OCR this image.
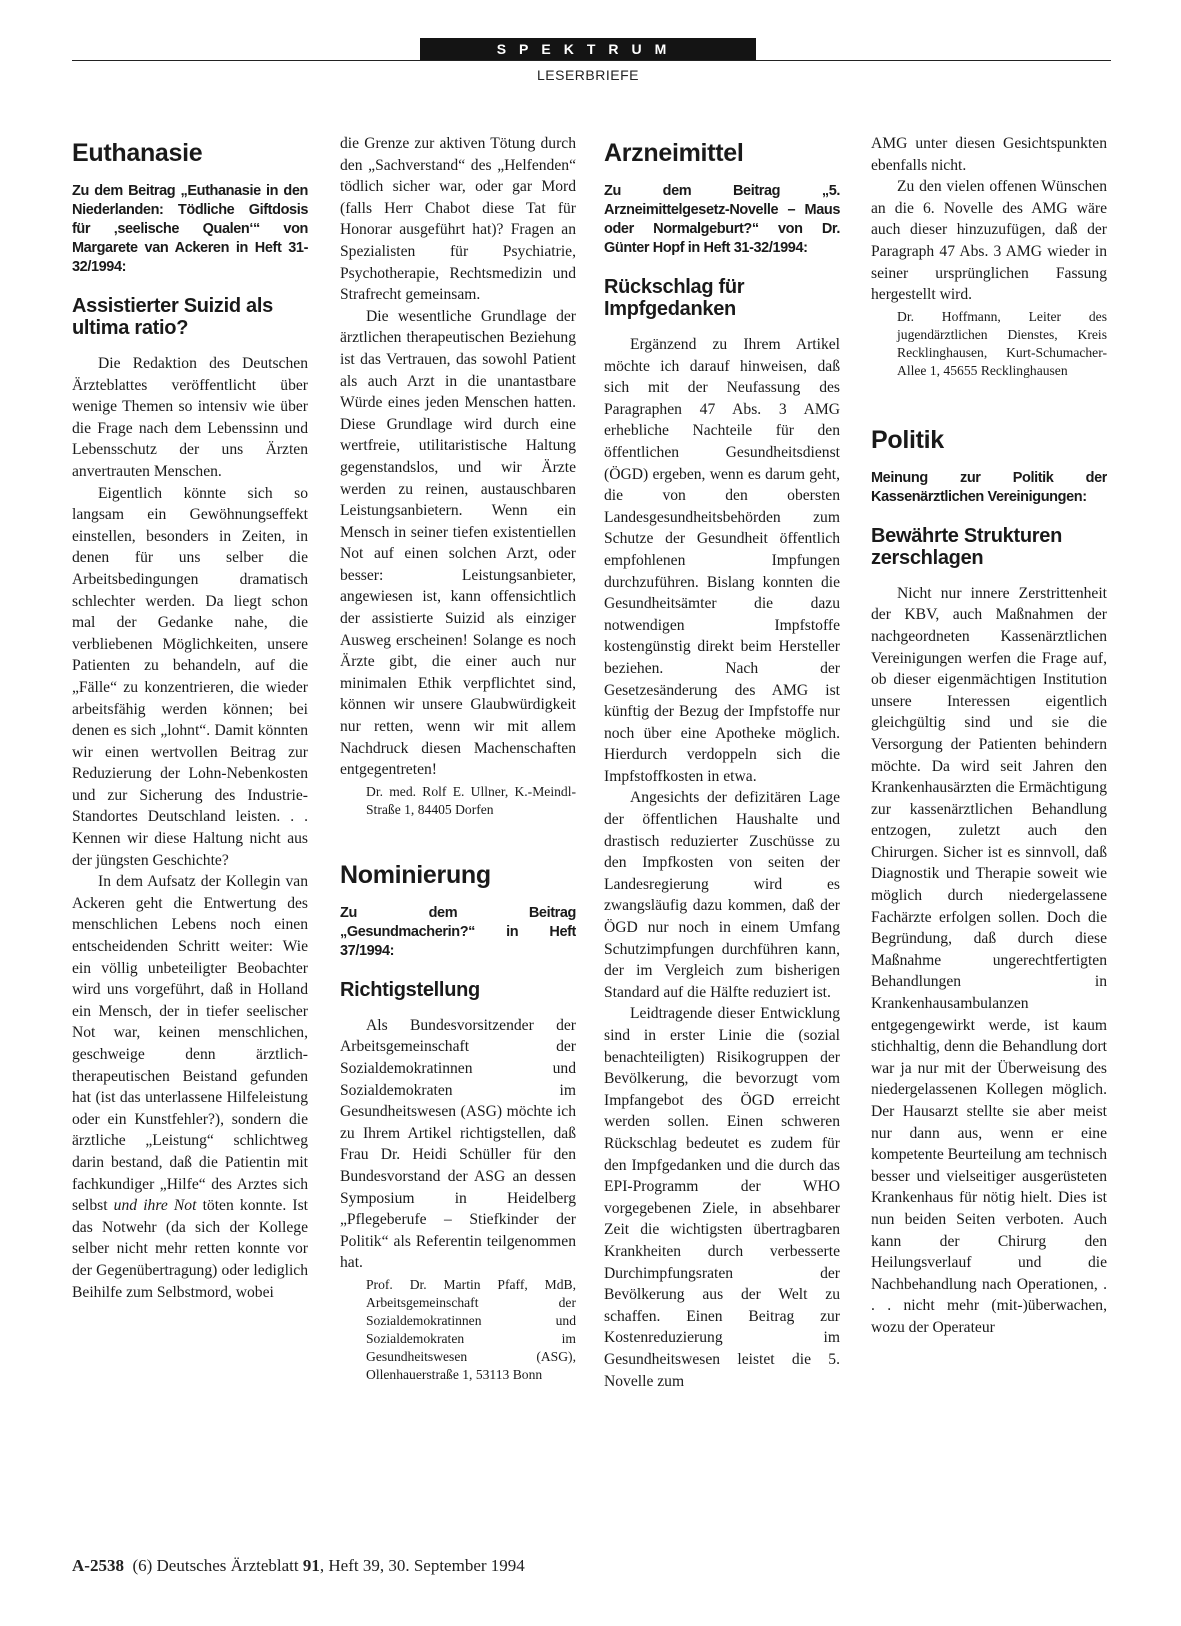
SPEKTRUM
LESERBRIEFE
Euthanasie
Zu dem Beitrag „Euthanasie in den Niederlanden: Tödliche Giftdosis für ‚seelische Qualen‘“ von Margarete van Ackeren in Heft 31-32/1994:
Assistierter Suizid als ultima ratio?

Die Redaktion des Deutschen Ärzteblattes veröffentlicht über wenige Themen so intensiv wie über die Frage nach dem Lebenssinn und Lebensschutz der uns Ärzten anvertrauten Menschen.

Eigentlich könnte sich so langsam ein Gewöhnungseffekt einstellen, besonders in Zeiten, in denen für uns selber die Arbeitsbedingungen dramatisch schlechter werden. Da liegt schon mal der Gedanke nahe, die verbliebenen Möglichkeiten, unsere Patienten zu behandeln, auf die „Fälle“ zu konzentrieren, die wieder arbeitsfähig werden können; bei denen es sich „lohnt“. Damit könnten wir einen wertvollen Beitrag zur Reduzierung der Lohn-Nebenkosten und zur Sicherung des Industrie-Standortes Deutschland leisten. . . Kennen wir diese Haltung nicht aus der jüngsten Geschichte?

In dem Aufsatz der Kollegin van Ackeren geht die Entwertung des menschlichen Lebens noch einen entscheidenden Schritt weiter: Wie ein völlig unbeteiligter Beobachter wird uns vorgeführt, daß in Holland ein Mensch, der in tiefer seelischer Not war, keinen menschlichen, geschweige denn ärztlich-therapeutischen Beistand gefunden hat (ist das unterlassene Hilfeleistung oder ein Kunstfehler?), sondern die ärztliche „Leistung“ schlichtweg darin bestand, daß die Patientin mit fachkundiger „Hilfe“ des Arztes sich selbst und ihre Not töten konnte. Ist das Notwehr (da sich der Kollege selber nicht mehr retten konnte vor der Gegenübertragung) oder lediglich Beihilfe zum Selbstmord, wobei

die Grenze zur aktiven Tötung durch den „Sachverstand“ des „Helfenden“ tödlich sicher war, oder gar Mord (falls Herr Chabot diese Tat für Honorar ausgeführt hat)? Fragen an Spezialisten für Psychiatrie, Psychotherapie, Rechtsmedizin und Strafrecht gemeinsam.

Die wesentliche Grundlage der ärztlichen therapeutischen Beziehung ist das Vertrauen, das sowohl Patient als auch Arzt in die unantastbare Würde eines jeden Menschen hatten. Diese Grundlage wird durch eine wertfreie, utilitaristische Haltung gegenstandslos, und wir Ärzte werden zu reinen, austauschbaren Leistungsanbietern. Wenn ein Mensch in seiner tiefen existentiellen Not auf einen solchen Arzt, oder besser: Leistungsanbieter, angewiesen ist, kann offensichtlich der assistierte Suizid als einziger Ausweg erscheinen! Solange es noch Ärzte gibt, die einer auch nur minimalen Ethik verpflichtet sind, können wir unsere Glaubwürdigkeit nur retten, wenn wir mit allem Nachdruck diesen Machenschaften entgegentreten!

Dr. med. Rolf E. Ullner, K.-Meindl-Straße 1, 84405 Dorfen
Nominierung
Zu dem Beitrag „Gesundmacherin?“ in Heft 37/1994:
Richtigstellung

Als Bundesvorsitzender der Arbeitsgemeinschaft der Sozialdemokratinnen und Sozialdemokraten im Gesundheitswesen (ASG) möchte ich zu Ihrem Artikel richtigstellen, daß Frau Dr. Heidi Schüller für den Bundesvorstand der ASG an dessen Symposium in Heidelberg „Pflegeberufe – Stiefkinder der Politik“ als Referentin teilgenommen hat.

Prof. Dr. Martin Pfaff, MdB, Arbeitsgemeinschaft der Sozialdemokratinnen und Sozialdemokraten im Gesundheitswesen (ASG), Ollenhauerstraße 1, 53113 Bonn
Arzneimittel
Zu dem Beitrag „5. Arzneimittelgesetz-Novelle – Maus oder Normalgeburt?“ von Dr. Günter Hopf in Heft 31-32/1994:
Rückschlag für Impfgedanken

Ergänzend zu Ihrem Artikel möchte ich darauf hinweisen, daß sich mit der Neufassung des Paragraphen 47 Abs. 3 AMG erhebliche Nachteile für den öffentlichen Gesundheitsdienst (ÖGD) ergeben, wenn es darum geht, die von den obersten Landesgesundheitsbehörden zum Schutze der Gesundheit öffentlich empfohlenen Impfungen durchzuführen. Bislang konnten die Gesundheitsämter die dazu notwendigen Impfstoffe kostengünstig direkt beim Hersteller beziehen. Nach der Gesetzesänderung des AMG ist künftig der Bezug der Impfstoffe nur noch über eine Apotheke möglich. Hierdurch verdoppeln sich die Impfstoffkosten in etwa.

Angesichts der defizitären Lage der öffentlichen Haushalte und drastisch reduzierter Zuschüsse zu den Impfkosten von seiten der Landesregierung wird es zwangsläufig dazu kommen, daß der ÖGD nur noch in einem Umfang Schutzimpfungen durchführen kann, der im Vergleich zum bisherigen Standard auf die Hälfte reduziert ist.

Leidtragende dieser Entwicklung sind in erster Linie die (sozial benachteiligten) Risikogruppen der Bevölkerung, die bevorzugt vom Impfangebot des ÖGD erreicht werden sollen. Einen schweren Rückschlag bedeutet es zudem für den Impfgedanken und die durch das EPI-Programm der WHO vorgegebenen Ziele, in absehbarer Zeit die wichtigsten übertragbaren Krankheiten durch verbesserte Durchimpfungsraten der Bevölkerung aus der Welt zu schaffen. Einen Beitrag zur Kostenreduzierung im Gesundheitswesen leistet die 5. Novelle zum

AMG unter diesen Gesichtspunkten ebenfalls nicht.

Zu den vielen offenen Wünschen an die 6. Novelle des AMG wäre auch dieser hinzuzufügen, daß der Paragraph 47 Abs. 3 AMG wieder in seiner ursprünglichen Fassung hergestellt wird.

Dr. Hoffmann, Leiter des jugendärztlichen Dienstes, Kreis Recklinghausen, Kurt-Schumacher-Allee 1, 45655 Recklinghausen
Politik
Meinung zur Politik der Kassenärztlichen Vereinigungen:
Bewährte Strukturen zerschlagen

Nicht nur innere Zerstrittenheit der KBV, auch Maßnahmen der nachgeordneten Kassenärztlichen Vereinigungen werfen die Frage auf, ob dieser eigenmächtigen Institution unsere Interessen eigentlich gleichgültig sind und sie die Versorgung der Patienten behindern möchte. Da wird seit Jahren den Krankenhausärzten die Ermächtigung zur kassenärztlichen Behandlung entzogen, zuletzt auch den Chirurgen. Sicher ist es sinnvoll, daß Diagnostik und Therapie soweit wie möglich durch niedergelassene Fachärzte erfolgen sollen. Doch die Begründung, daß durch diese Maßnahme ungerechtfertigten Behandlungen in Krankenhausambulanzen entgegengewirkt werde, ist kaum stichhaltig, denn die Behandlung dort war ja nur mit der Überweisung des niedergelassenen Kollegen möglich. Der Hausarzt stellte sie aber meist nur dann aus, wenn er eine kompetente Beurteilung am technisch besser und vielseitiger ausgerüsteten Krankenhaus für nötig hielt. Dies ist nun beiden Seiten verboten. Auch kann der Chirurg den Heilungsverlauf und die Nachbehandlung nach Operationen, . . . nicht mehr (mit-)überwachen, wozu der Operateur

A-2538 (6) Deutsches Ärzteblatt 91, Heft 39, 30. September 1994
